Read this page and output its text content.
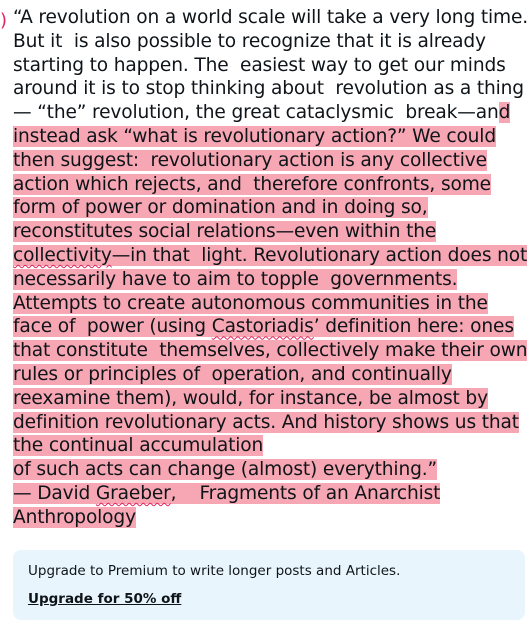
) “A revolution on a world scale will take a very long time.
But it  is also possible to recognize that it is already
starting to happen. The  easiest way to get our minds
around it is to stop thinking about  revolution as a thing
— “the” revolution, the great cataclysmic  break—and
instead ask “what is revolutionary action?” We could
then suggest:  revolutionary action is any collective
action which rejects, and  therefore confronts, some
form of power or domination and in doing so,
reconstitutes social relations—even within the
collectivity—in that  light. Revolutionary action does not
necessarily have to aim to topple  governments.
Attempts to create autonomous communities in the
face of  power (using Castoriadis’ definition here: ones
that constitute  themselves, collectively make their own
rules or principles of  operation, and continually
reexamine them), would, for instance, be almost by
definition revolutionary acts. And history shows us that
the continual accumulation
of such acts can change (almost) everything.”
— David Graeber,    Fragments of an Anarchist
Anthropology
Upgrade to Premium to write longer posts and Articles.
Upgrade for 50% off
